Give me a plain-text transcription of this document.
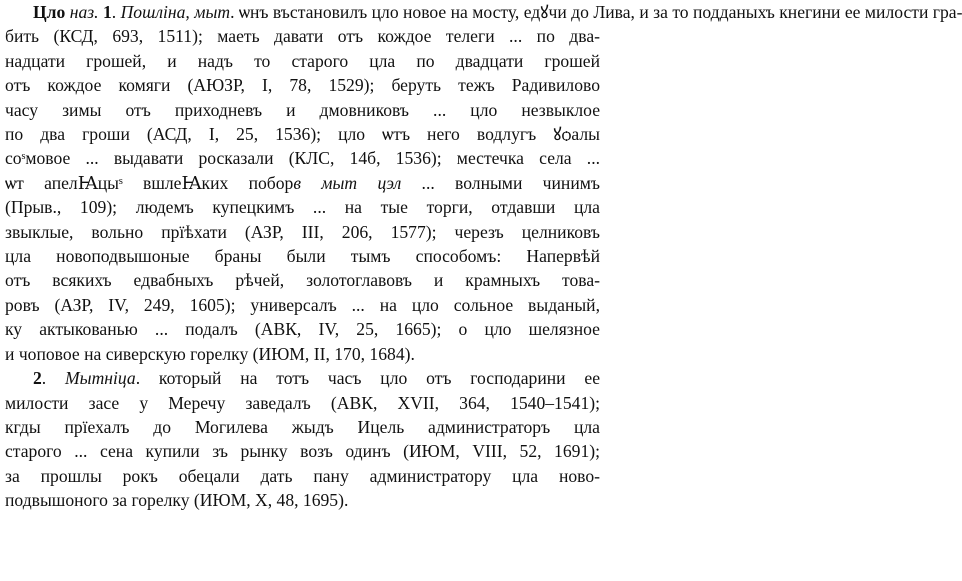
Цло наз. 1. Пошліна, мыт. ѡнъ въстановилъ цло новое на мосту, едꙋчи до Лива, и за то подданыхъ кнегини ее милости гра-
бить (КСД, 693, 1511); маеть давати отъ кождое телеги ... по два-
надцати грошей, и надъ то старого цла по двадцати грошей
отъ кождое комяги (АЮЗР, І, 78, 1529); беруть тежъ Радивилово
часу зимы отъ приходневъ и дмовниковъ ... цло незвыклое
по два гроши (АСД, І, 25, 1536); цло ѡтъ него водлугъ ꙋѻалы
соˢмовое ... выдавати росказали (КЛС, 14б, 1536); местечка села ...
ѡт апелꙖцыˢ вшлеꙖких поборв мыт цэл ... волными чинимъ
(Прыв., 109); людемъ купецкимъ ... на тые торги, отдавши цла
звыклые, вольно прїѣхати (АЗР, ІІІ, 206, 1577); черезъ целниковъ
цла новоподвышоные браны были тымъ способомъ: Напервѣй
отъ всякихъ едвабныхъ рѣчей, золотоглавовъ и крамныхъ това-
ровъ (АЗР, IV, 249, 1605); универсалъ ... на цло сольное выданый,
ку актыкованью ... подалъ (АВК, IV, 25, 1665); о цло шелязное
и чоповое на сиверскую горелку (ИЮМ, ІІ, 170, 1684).
2. Мытніца. который на тотъ часъ цло отъ господарини ее
милости засе у Меречу заведалъ (АВК, XVII, 364, 1540–1541);
кгды прїехалъ до Могилева жыдъ Ицель администраторъ цла
старого ... сена купили зъ рынку возъ одинъ (ИЮМ, VIII, 52, 1691);
за прошлы рокъ обецали дать пану администратору цла ново-
подвышоного за горелку (ИЮМ, X, 48, 1695).
